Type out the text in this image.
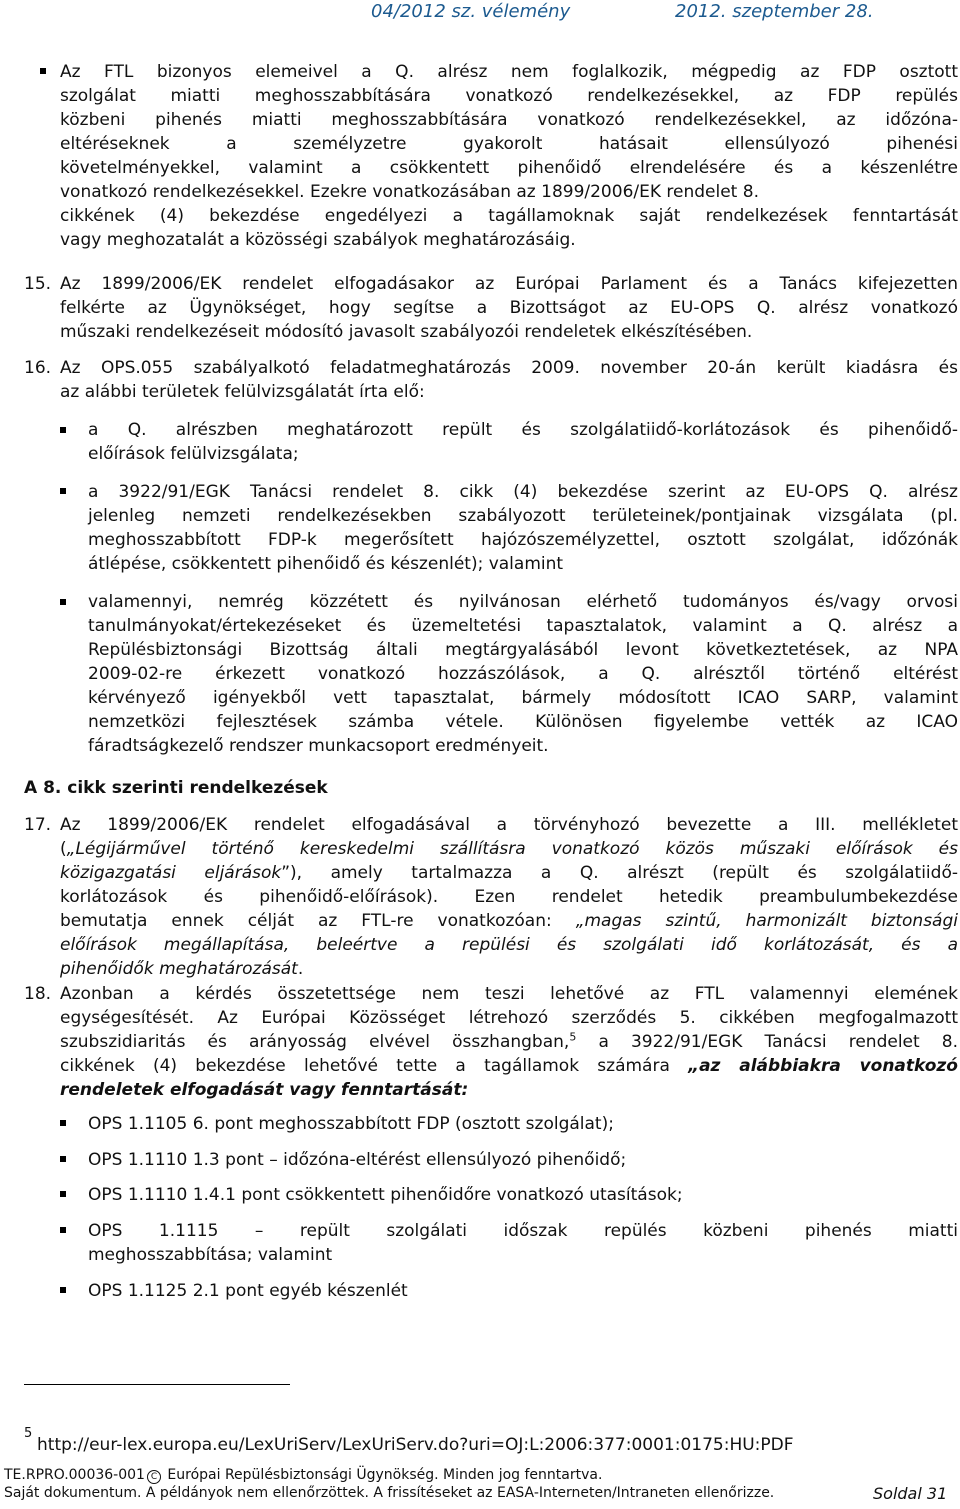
04/2012 sz. vélemény	2012. szeptember 28.
Az FTL bizonyos elemeivel a Q. alrész nem foglalkozik, mégpedig az FDP osztott
szolgálat miatti meghosszabbítására vonatkozó rendelkezésekkel, az FDP repülés
közbeni pihenés miatti meghosszabbítására vonatkozó rendelkezésekkel, az időzóna-
eltéréseknek a személyzetre gyakorolt hatásait ellensúlyozó pihenési
követelményekkel, valamint a csökkentett pihenőidő elrendelésére és a készenlétre
vonatkozó rendelkezésekkel. Ezekre vonatkozásában az 1899/2006/EK rendelet 8.
cikkének (4) bekezdése engedélyezi a tagállamoknak saját rendelkezések fenntartását
vagy meghozatalát a közösségi szabályok meghatározásáig.
15. Az 1899/2006/EK rendelet elfogadásakor az Európai Parlament és a Tanács kifejezetten
felkérte az Ügynökséget, hogy segítse a Bizottságot az EU-OPS Q. alrész vonatkozó
műszaki rendelkezéseit módosító javasolt szabályozói rendeletek elkészítésében.
16. Az OPS.055 szabályalkotó feladatmeghatározás 2009. november 20-án került kiadásra és
az alábbi területek felülvizsgálatát írta elő:
a Q. alrészben meghatározott repült és szolgálatiidő-korlátozások és pihenőidő-
előírások felülvizsgálata;
a 3922/91/EGK Tanácsi rendelet 8. cikk (4) bekezdése szerint az EU-OPS Q. alrész
jelenleg nemzeti rendelkezésekben szabályozott területeinek/pontjainak vizsgálata (pl.
meghosszabbított FDP-k megerősített hajózószemélyzettel, osztott szolgálat, időzónák
átlépése, csökkentett pihenőidő és készenlét); valamint
valamennyi, nemrég közzétett és nyilvánosan elérhető tudományos és/vagy orvosi
tanulmányokat/értekezéseket és üzemeltetési tapasztalatok, valamint a Q. alrész a
Repülésbiztonsági Bizottság általi megtárgyalásából levont következtetések, az NPA
2009-02-re érkezett vonatkozó hozzászólások, a Q. alrésztől történő eltérést
kérvényező igényekből vett tapasztalat, bármely módosított ICAO SARP, valamint
nemzetközi fejlesztések számba vétele. Különösen figyelembe vették az ICAO
fáradtságkezelő rendszer munkacsoport eredményeit.
A 8. cikk szerinti rendelkezések
17. Az 1899/2006/EK rendelet elfogadásával a törvényhozó bevezette a III. mellékletet
(„Légijárművel történő kereskedelmi szállításra vonatkozó közös műszaki előírások és
közigazgatási eljárások”), amely tartalmazza a Q. alrészt (repült és szolgálatiidő-
korlátozások és pihenőidő-előírások). Ezen rendelet hetedik preambulumbekezdése
bemutatja ennek célját az FTL-re vonatkozóan: „magas szintű, harmonizált biztonsági
előírások megállapítása, beleértve a repülési és szolgálati idő korlátozását, és a
pihenőidők meghatározását.
18. Azonban a kérdés összetettsége nem teszi lehetővé az FTL valamennyi elemének
egységesítését. Az Európai Közösséget létrehozó szerződés 5. cikkében megfogalmazott
szubszidiaritás és arányosság elvével összhangban,$^5$ a 3922/91/EGK Tanácsi rendelet 8.
cikkének (4) bekezdése lehetővé tette a tagállamok számára „az alábbiakra vonatkozó
rendeletek elfogadását vagy fenntartását:
OPS 1.1105 6. pont meghosszabbított FDP (osztott szolgálat);
OPS 1.1110 1.3 pont – időzóna-eltérést ellensúlyozó pihenőidő;
OPS 1.1110 1.4.1 pont csökkentett pihenőidőre vonatkozó utasítások;
OPS 1.1115 – repült szolgálati időszak repülés közbeni pihenés miatti
meghosszabbítása; valamint
OPS 1.1125 2.1 pont egyéb készenlét
5
http://eur-lex.europa.eu/LexUriServ/LexUriServ.do?uri=OJ:L:2006:377:0001:0175:HU:PDF
TE.RPRO.00036-001 C Európai Repülésbiztonsági Ügynökség. Minden jog fenntartva.
Saját dokumentum. A példányok nem ellenőrzöttek. A frissítéseket az EASA-Interneten/Intraneten ellenőrizze.	Soldal 31
